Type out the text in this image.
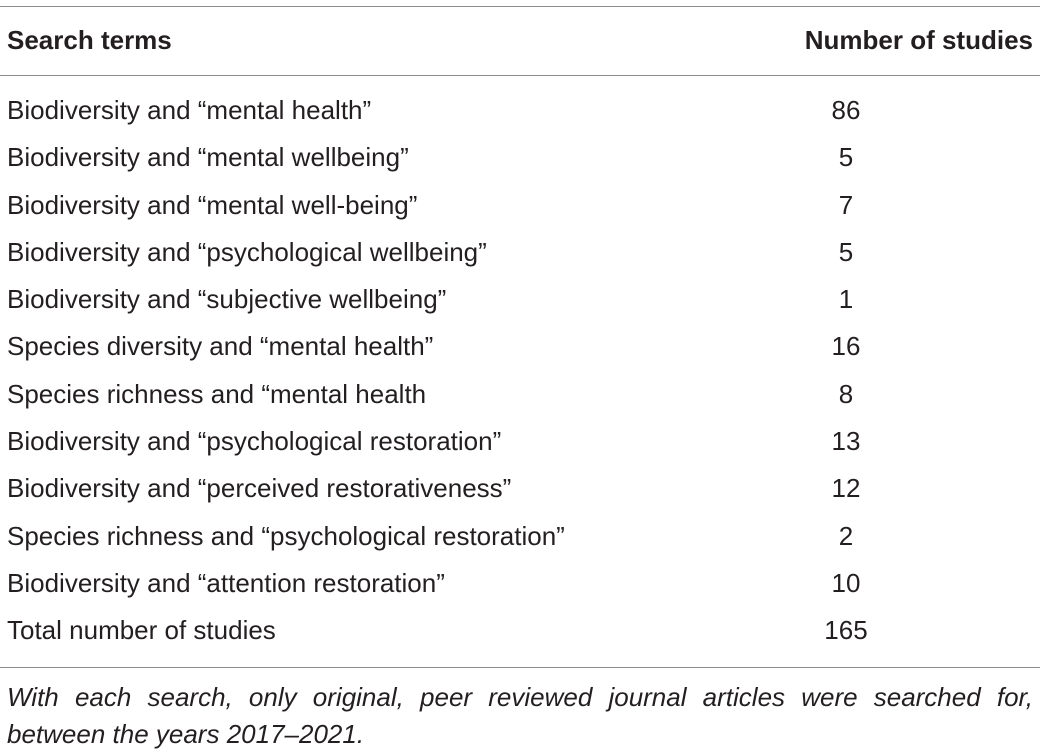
Search terms	Number of studies
Biodiversity and “mental health”	86
Biodiversity and “mental wellbeing”	5
Biodiversity and “mental well-being”	7
Biodiversity and “psychological wellbeing”	5
Biodiversity and “subjective wellbeing”	1
Species diversity and “mental health”	16
Species richness and “mental health	8
Biodiversity and “psychological restoration”	13
Biodiversity and “perceived restorativeness”	12
Species richness and “psychological restoration”	2
Biodiversity and “attention restoration”	10
Total number of studies	165
With each search, only original, peer reviewed journal articles were searched for, between the years 2017–2021.
